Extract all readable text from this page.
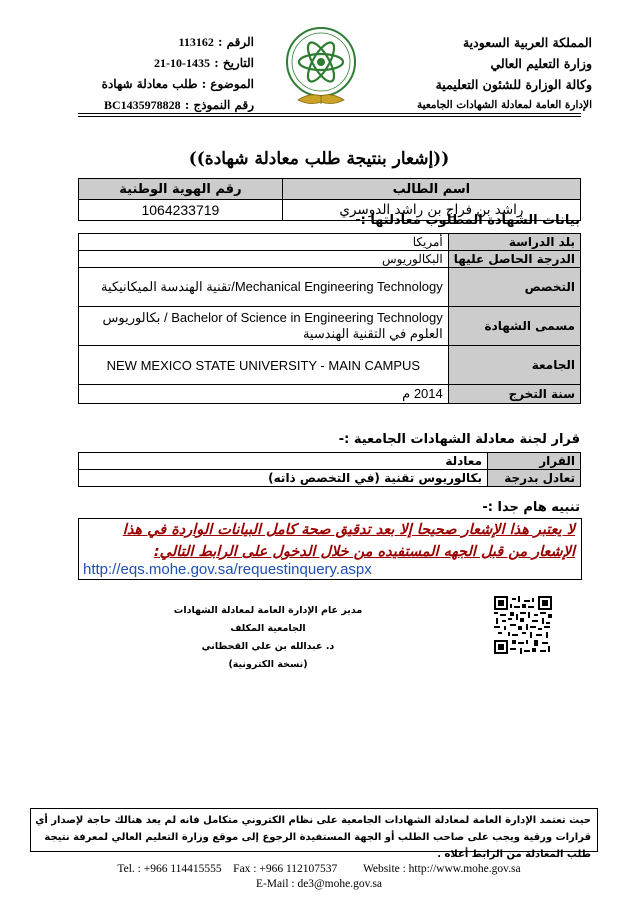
المملكة العربية السعودية
وزارة التعليم العالي
وكالة الوزارة للشئون التعليمية
الإدارة العامة لمعادلة الشهادات الجامعية
الرقم : 113162
التاريخ : 1435-10-21
الموضوع : طلب معادلة شهادة
رقم النموذج : BC1435978828
((إشعار بنتيجة طلب معادلة شهادة))
اسم الطالب	رقم الهوية الوطنية
راشد بن فراج بن راشد الدوسري	1064233719
بيانات الشهادة المطلوب معادلتها :-
بلد الدراسة	أمريكا
الدرجة الحاصل عليها	البكالوريوس
التخصص	Mechanical Engineering Technology/تقنية الهندسة الميكانيكية
مسمى الشهادة	Bachelor of Science in Engineering Technology / بكالوريوس العلوم في التقنية الهندسية
الجامعة	NEW MEXICO STATE UNIVERSITY - MAIN CAMPUS
سنة التخرج	2014 م
قرار لجنة معادلة الشهادات الجامعية :-
القرار	معادلة
تعادل بدرجة	بكالوريوس تقنية (في التخصص ذاته)
تنبيه هام جدا :-
لا يعتبر هذا الإشعار صحيحا إلا بعد تدقيق صحة كامل البيانات الواردة في هذا الإشعار من قبل الجهه المستفيده من خلال الدخول على الرابط التالي:
http://eqs.mohe.gov.sa/requestinquery.aspx
مدير عام الإدارة العامة لمعادلة الشهادات الجامعية المكلف
د. عبدالله بن علي القحطاني
(نسخة الكترونية)
حيث تعتمد الإدارة العامة لمعادلة الشهادات الجامعية على نظام الكتروني متكامل فانه لم يعد هنالك حاجة لإصدار أي قرارات ورقية ويجب على صاحب الطلب أو الجهة المستفيدة الرجوع إلى موقع وزارة التعليم العالي لمعرفة نتيجة طلب المعادلة من الرابط أعلاه .
Tel. : +966 114415555 Fax : +966 112107537 Website : http://www.mohe.gov.sa
E-Mail : de3@mohe.gov.sa
